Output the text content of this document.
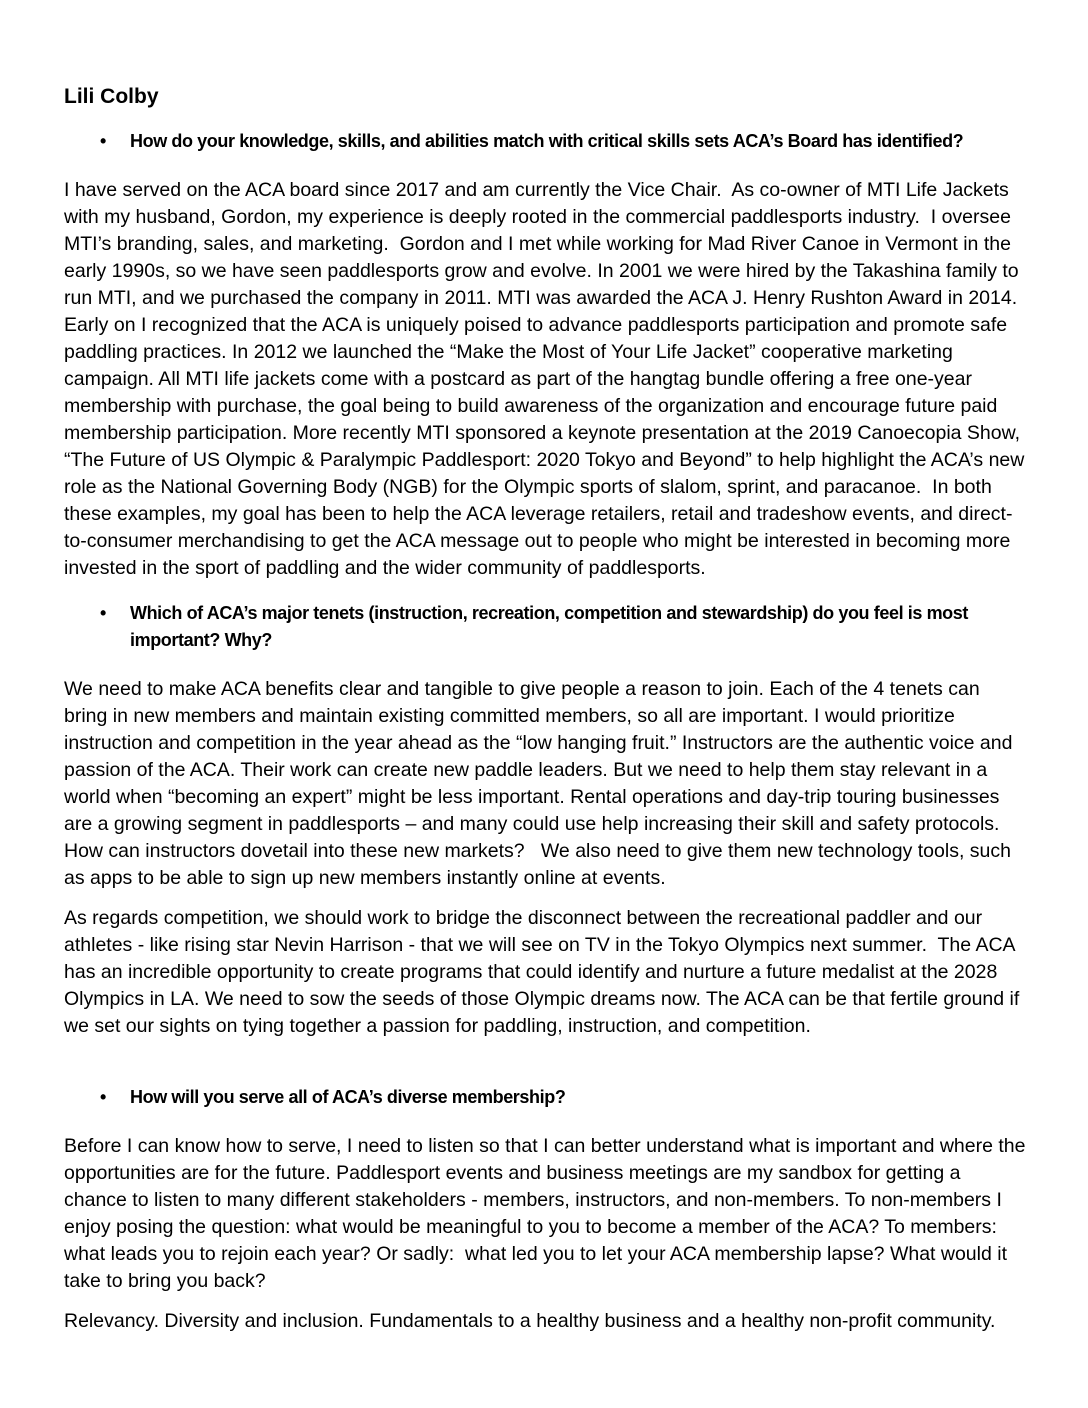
Lili Colby
•	How do your knowledge, skills, and abilities match with critical skills sets ACA’s Board has identified?

I have served on the ACA board since 2017 and am currently the Vice Chair.  As co-owner of MTI Life Jackets with my husband, Gordon, my experience is deeply rooted in the commercial paddlesports industry.  I oversee MTI’s branding, sales, and marketing.  Gordon and I met while working for Mad River Canoe in Vermont in the early 1990s, so we have seen paddlesports grow and evolve. In 2001 we were hired by the Takashina family to run MTI, and we purchased the company in 2011. MTI was awarded the ACA J. Henry Rushton Award in 2014.  Early on I recognized that the ACA is uniquely poised to advance paddlesports participation and promote safe paddling practices. In 2012 we launched the “Make the Most of Your Life Jacket” cooperative marketing campaign. All MTI life jackets come with a postcard as part of the hangtag bundle offering a free one-year membership with purchase, the goal being to build awareness of the organization and encourage future paid membership participation. More recently MTI sponsored a keynote presentation at the 2019 Canoecopia Show, “The Future of US Olympic & Paralympic Paddlesport: 2020 Tokyo and Beyond” to help highlight the ACA’s new role as the National Governing Body (NGB) for the Olympic sports of slalom, sprint, and paracanoe.  In both these examples, my goal has been to help the ACA leverage retailers, retail and tradeshow events, and direct-to-consumer merchandising to get the ACA message out to people who might be interested in becoming more invested in the sport of paddling and the wider community of paddlesports.

•	Which of ACA’s major tenets (instruction, recreation, competition and stewardship) do you feel is most important? Why?

We need to make ACA benefits clear and tangible to give people a reason to join. Each of the 4 tenets can bring in new members and maintain existing committed members, so all are important. I would prioritize instruction and competition in the year ahead as the “low hanging fruit.” Instructors are the authentic voice and passion of the ACA. Their work can create new paddle leaders. But we need to help them stay relevant in a world when “becoming an expert” might be less important. Rental operations and day-trip touring businesses are a growing segment in paddlesports – and many could use help increasing their skill and safety protocols. How can instructors dovetail into these new markets?   We also need to give them new technology tools, such as apps to be able to sign up new members instantly online at events.

As regards competition, we should work to bridge the disconnect between the recreational paddler and our athletes - like rising star Nevin Harrison - that we will see on TV in the Tokyo Olympics next summer.  The ACA has an incredible opportunity to create programs that could identify and nurture a future medalist at the 2028 Olympics in LA. We need to sow the seeds of those Olympic dreams now. The ACA can be that fertile ground if we set our sights on tying together a passion for paddling, instruction, and competition.

•	How will you serve all of ACA’s diverse membership?

Before I can know how to serve, I need to listen so that I can better understand what is important and where the opportunities are for the future. Paddlesport events and business meetings are my sandbox for getting a chance to listen to many different stakeholders - members, instructors, and non-members. To non-members I enjoy posing the question: what would be meaningful to you to become a member of the ACA? To members: what leads you to rejoin each year? Or sadly:  what led you to let your ACA membership lapse? What would it take to bring you back?

Relevancy. Diversity and inclusion. Fundamentals to a healthy business and a healthy non-profit community.
